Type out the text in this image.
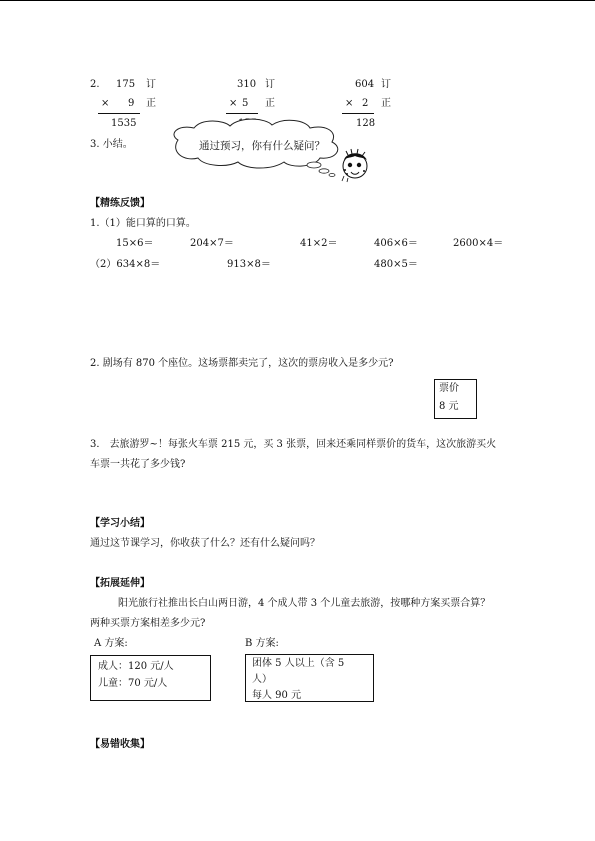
2. 175 订
× 9 正
1535
310 订
× 5 正
604 订
× 2 正
128
3. 小结。	通过预习，你有什么疑问？
【精练反馈】
1.（1）能口算的口算。
15×6＝	204×7＝	41×2＝	406×6＝	2600×4＝
（2）634×8＝	913×8＝	480×5＝
2. 剧场有 870 个座位。这场票都卖完了，这次的票房收入是多少元?
票价
8 元
3． 去旅游罗~！每张火车票 215 元，买 3 张票，回来还乘同样票价的货车，这次旅游买火
车票一共花了多少钱?
【学习小结】
通过这节课学习，你收获了什么？还有什么疑问吗？
【拓展延伸】
阳光旅行社推出长白山两日游，4 个成人带 3 个儿童去旅游，按哪种方案买票合算？
两种买票方案相差多少元?
A 方案:
成人：120 元/人
儿童：70 元/人
B 方案:
团体 5 人以上（含 5
人）
每人 90 元
【易错收集】
